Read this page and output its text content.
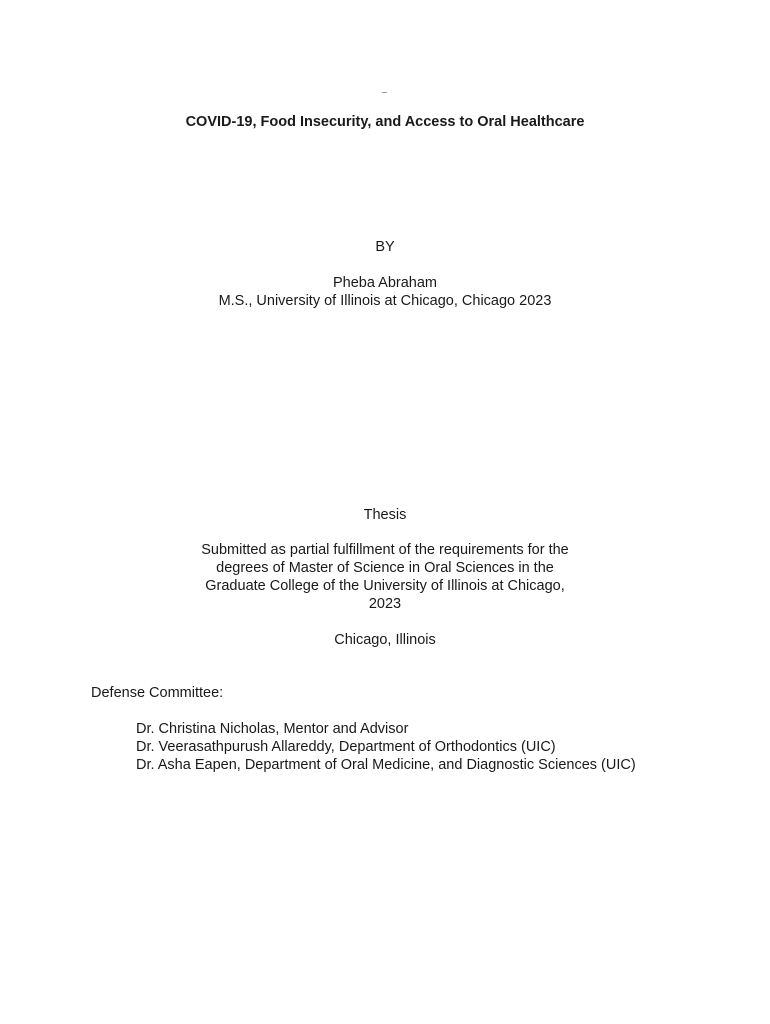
COVID-19, Food Insecurity, and Access to Oral Healthcare
BY
Pheba Abraham
M.S., University of Illinois at Chicago, Chicago 2023
Thesis
Submitted as partial fulfillment of the requirements for the
degrees of Master of Science in Oral Sciences in the
Graduate College of the University of Illinois at Chicago,
2023
Chicago, Illinois
Defense Committee:
Dr. Christina Nicholas, Mentor and Advisor
Dr. Veerasathpurush Allareddy, Department of Orthodontics (UIC)
Dr. Asha Eapen, Department of Oral Medicine, and Diagnostic Sciences (UIC)
